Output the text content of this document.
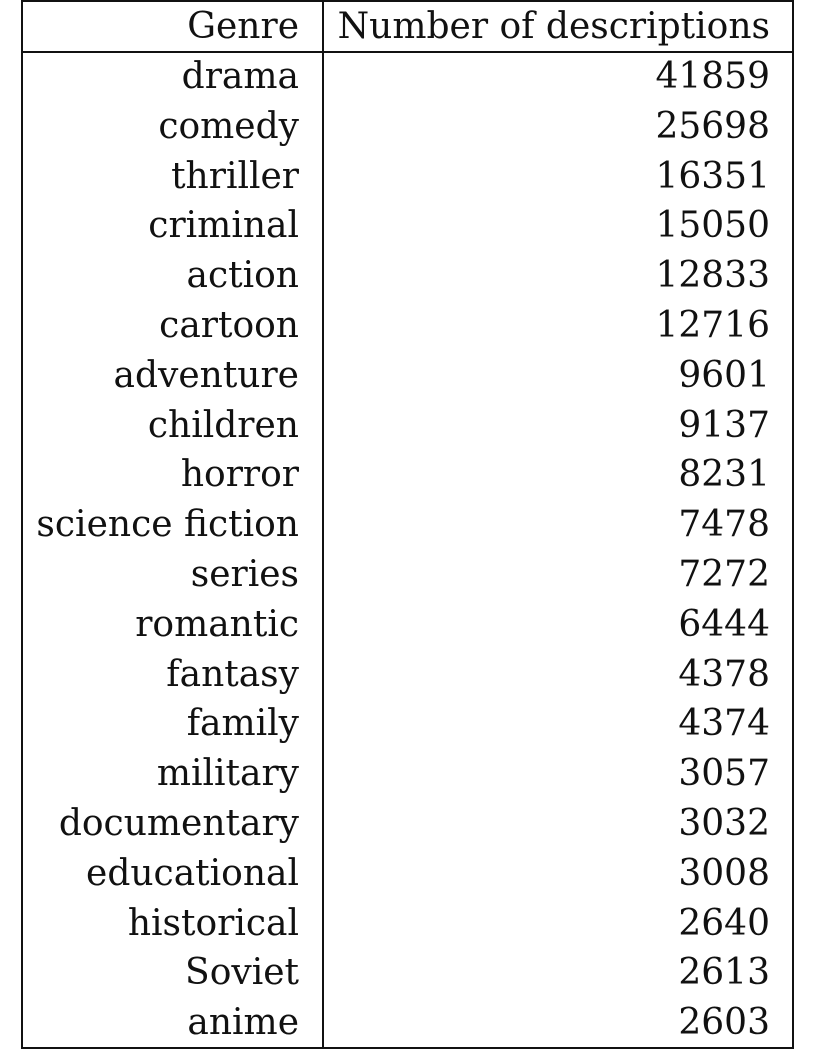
Genre	Number of descriptions
drama	41859
comedy	25698
thriller	16351
criminal	15050
action	12833
cartoon	12716
adventure	9601
children	9137
horror	8231
science fiction	7478
series	7272
romantic	6444
fantasy	4378
family	4374
military	3057
documentary	3032
educational	3008
historical	2640
Soviet	2613
anime	2603
